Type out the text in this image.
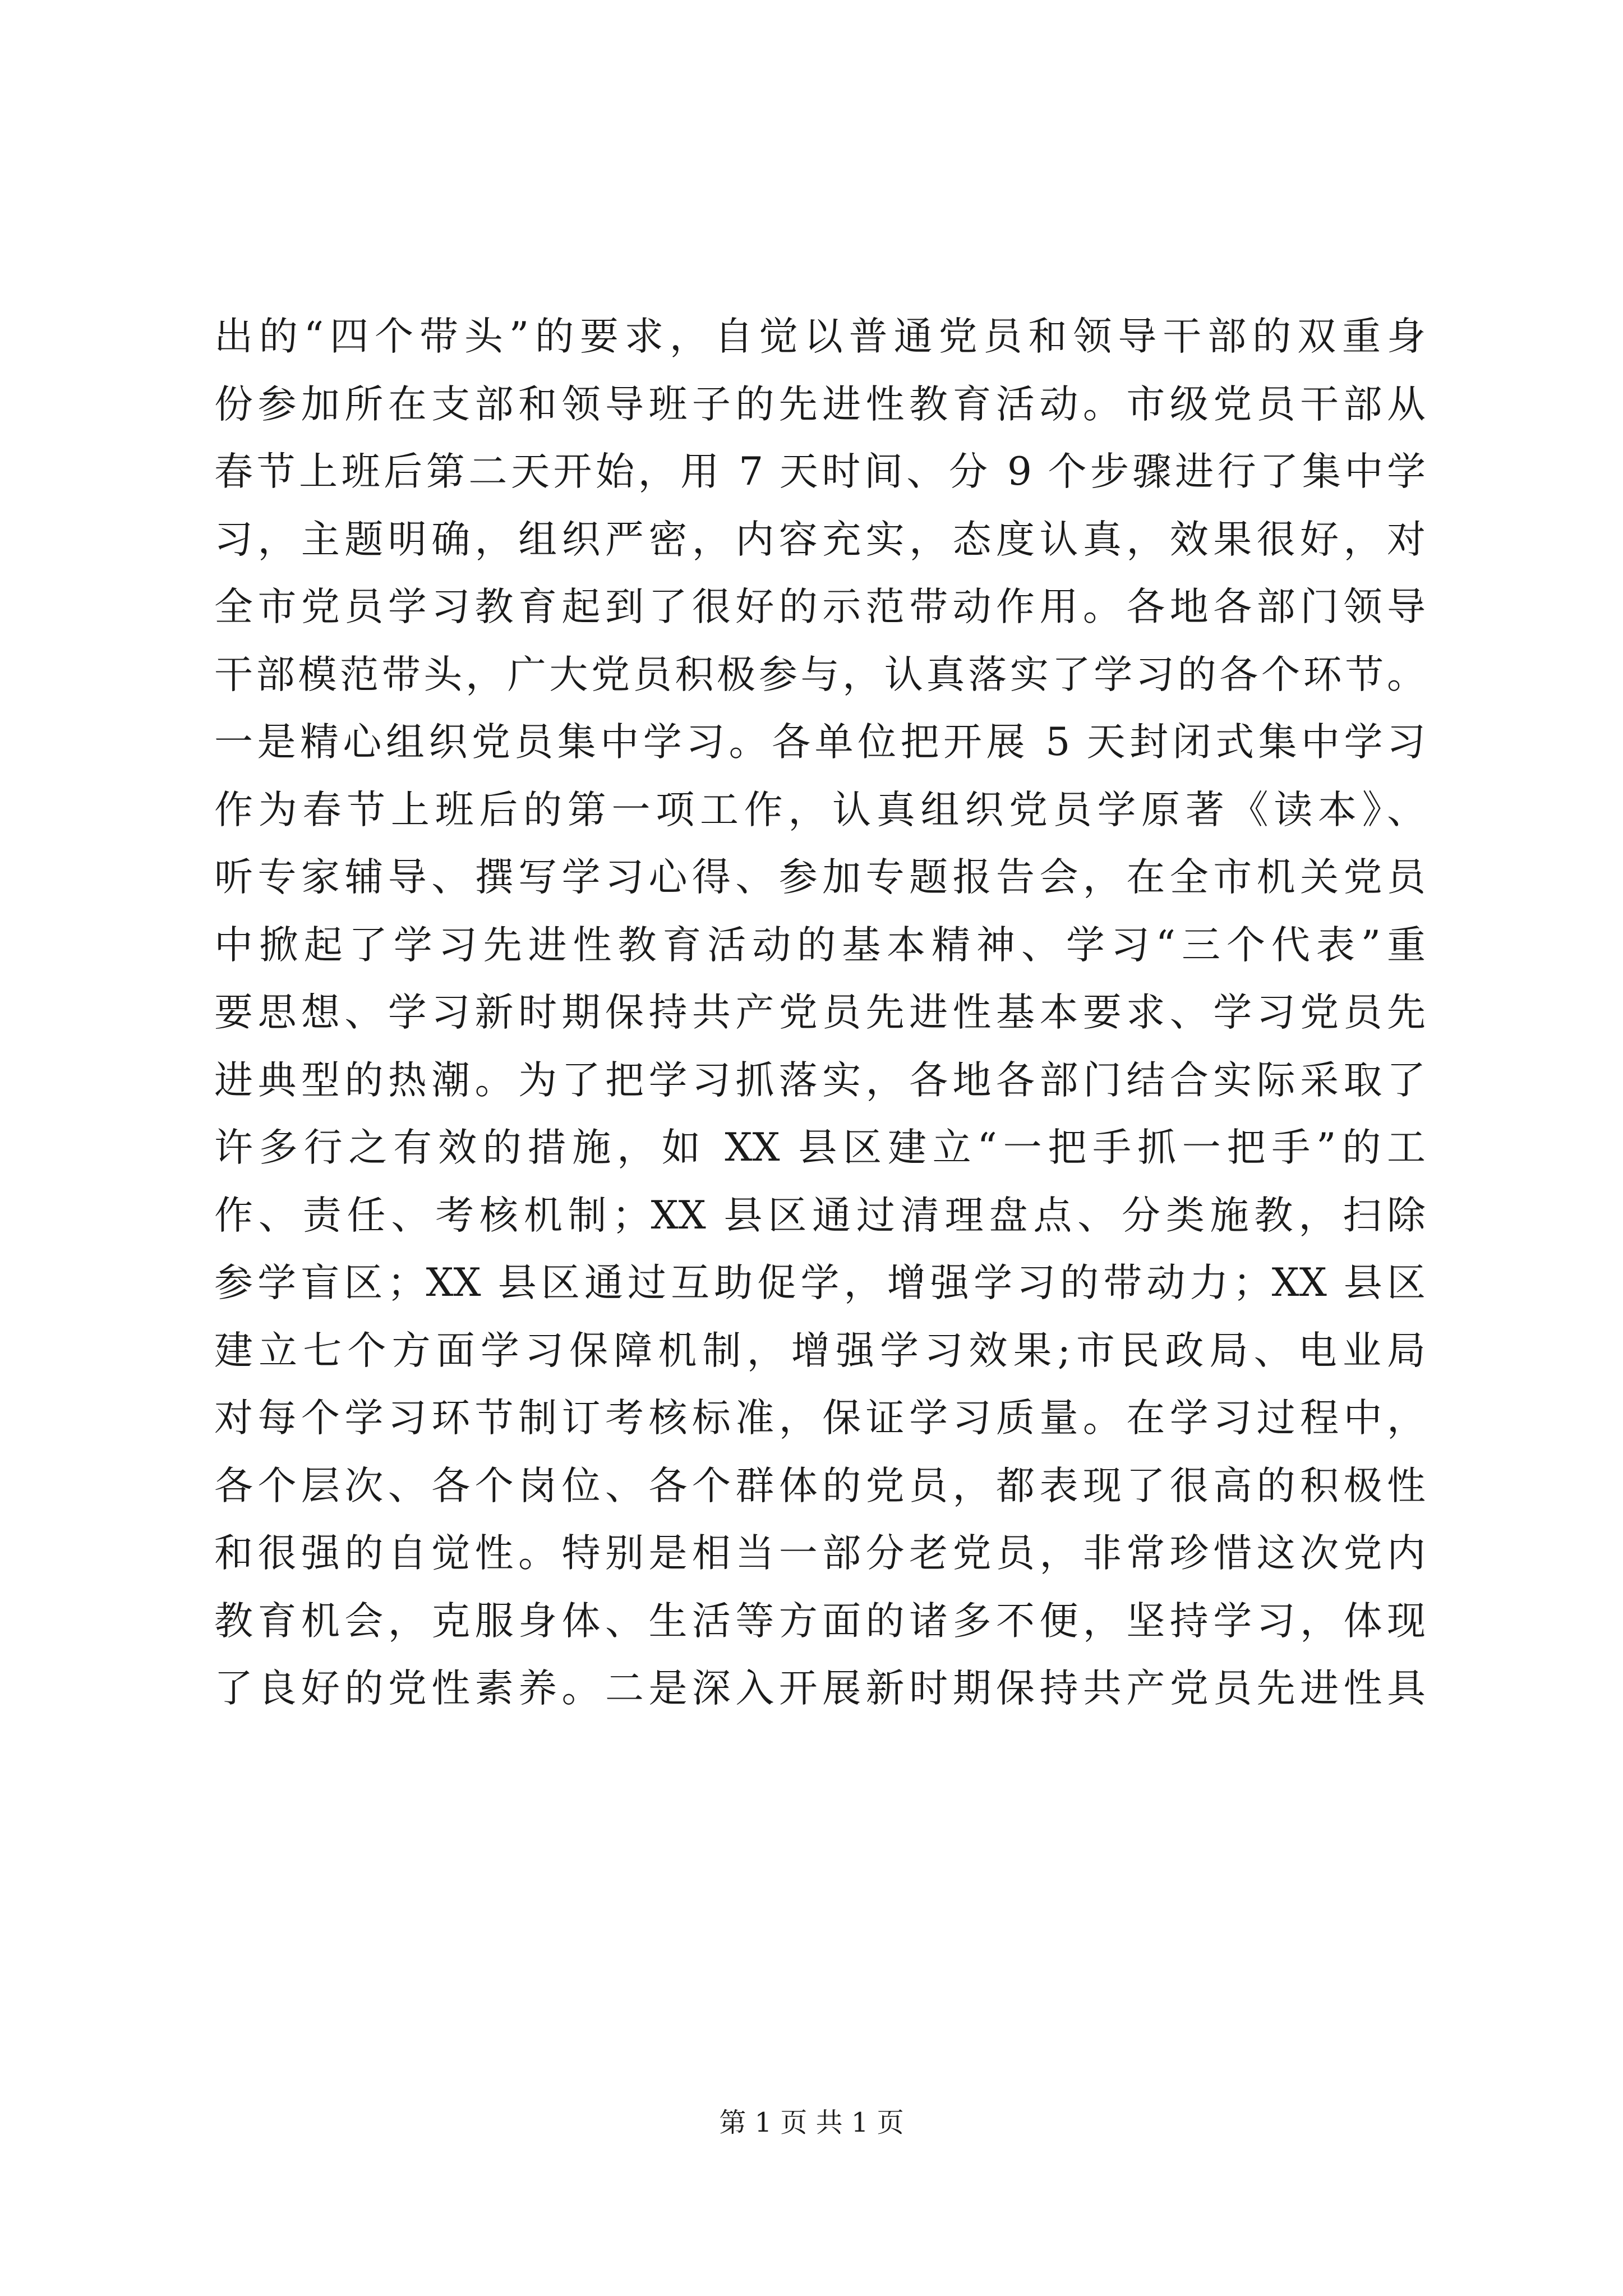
出的“四个带头”的要求，自觉以普通党员和领导干部的双重身
份参加所在支部和领导班子的先进性教育活动。市级党员干部从
春节上班后第二天开始，用 7 天时间、分 9 个步骤进行了集中学
习，主题明确，组织严密，内容充实，态度认真，效果很好，对
全市党员学习教育起到了很好的示范带动作用。各地各部门领导
干部模范带头，广大党员积极参与，认真落实了学习的各个环节。
一是精心组织党员集中学习。各单位把开展 5 天封闭式集中学习
作为春节上班后的第一项工作，认真组织党员学原著《读本》、
听专家辅导、撰写学习心得、参加专题报告会，在全市机关党员
中掀起了学习先进性教育活动的基本精神、学习“三个代表”重
要思想、学习新时期保持共产党员先进性基本要求、学习党员先
进典型的热潮。为了把学习抓落实，各地各部门结合实际采取了
许多行之有效的措施，如 XX 县区建立“一把手抓一把手”的工
作、责任、考核机制；XX 县区通过清理盘点、分类施教，扫除
参学盲区；XX 县区通过互助促学，增强学习的带动力；XX 县区
建立七个方面学习保障机制，增强学习效果;市民政局、电业局
对每个学习环节制订考核标准，保证学习质量。在学习过程中，
各个层次、各个岗位、各个群体的党员，都表现了很高的积极性
和很强的自觉性。特别是相当一部分老党员，非常珍惜这次党内
教育机会，克服身体、生活等方面的诸多不便，坚持学习，体现
了良好的党性素养。二是深入开展新时期保持共产党员先进性具
第 1 页 共 1 页
